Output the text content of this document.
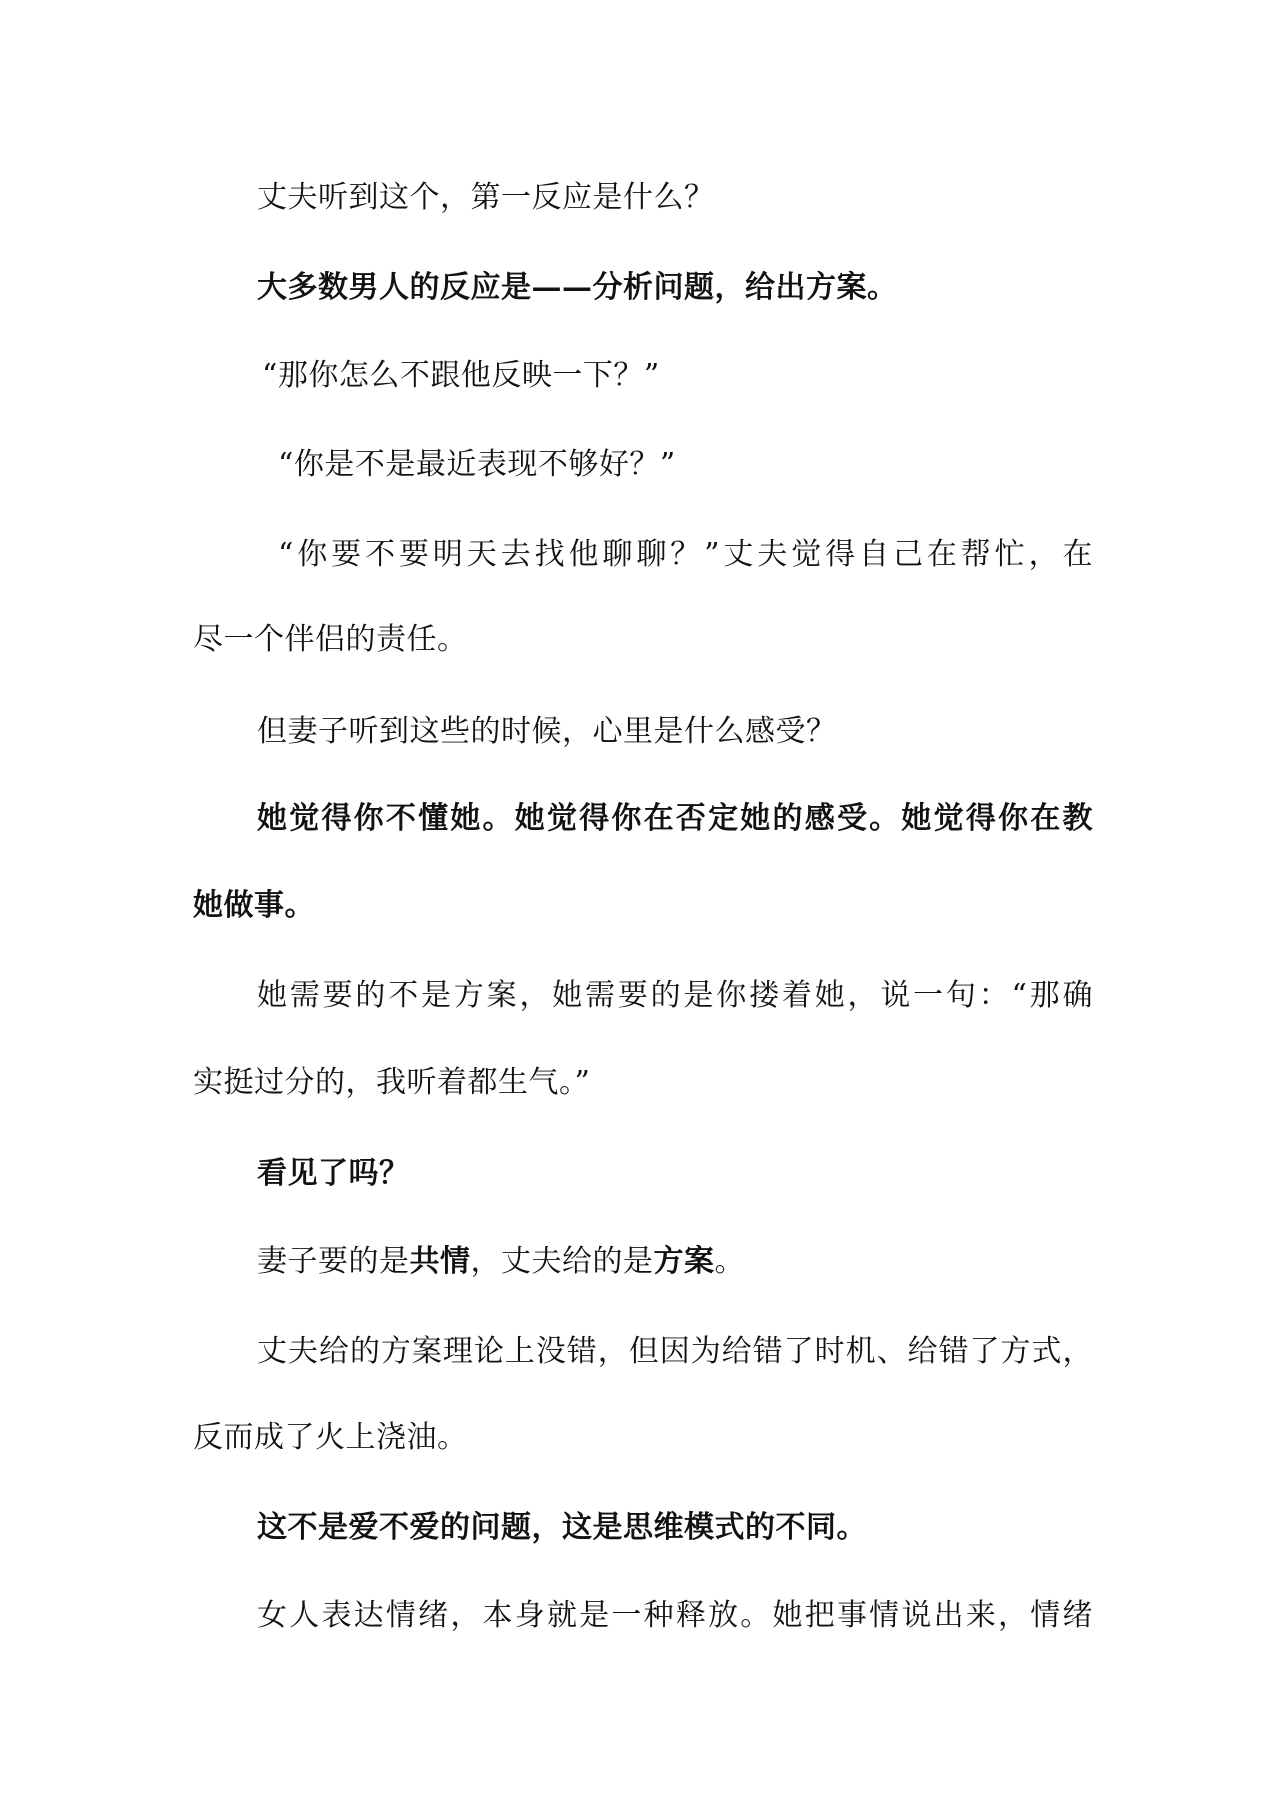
丈夫听到这个，第一反应是什么？
大多数男人的反应是——分析问题，给出方案。
“那你怎么不跟他反映一下？”
“你是不是最近表现不够好？”
“你要不要明天去找他聊聊？”丈夫觉得自己在帮忙，在
尽一个伴侣的责任。
但妻子听到这些的时候，心里是什么感受？
她觉得你不懂她。她觉得你在否定她的感受。她觉得你在教
她做事。
她需要的不是方案，她需要的是你搂着她，说一句：“那确
实挺过分的，我听着都生气。”
看见了吗？
妻子要的是共情，丈夫给的是方案。
丈夫给的方案理论上没错，但因为给错了时机、给错了方式，
反而成了火上浇油。
这不是爱不爱的问题，这是思维模式的不同。
女人表达情绪，本身就是一种释放。她把事情说出来，情绪
